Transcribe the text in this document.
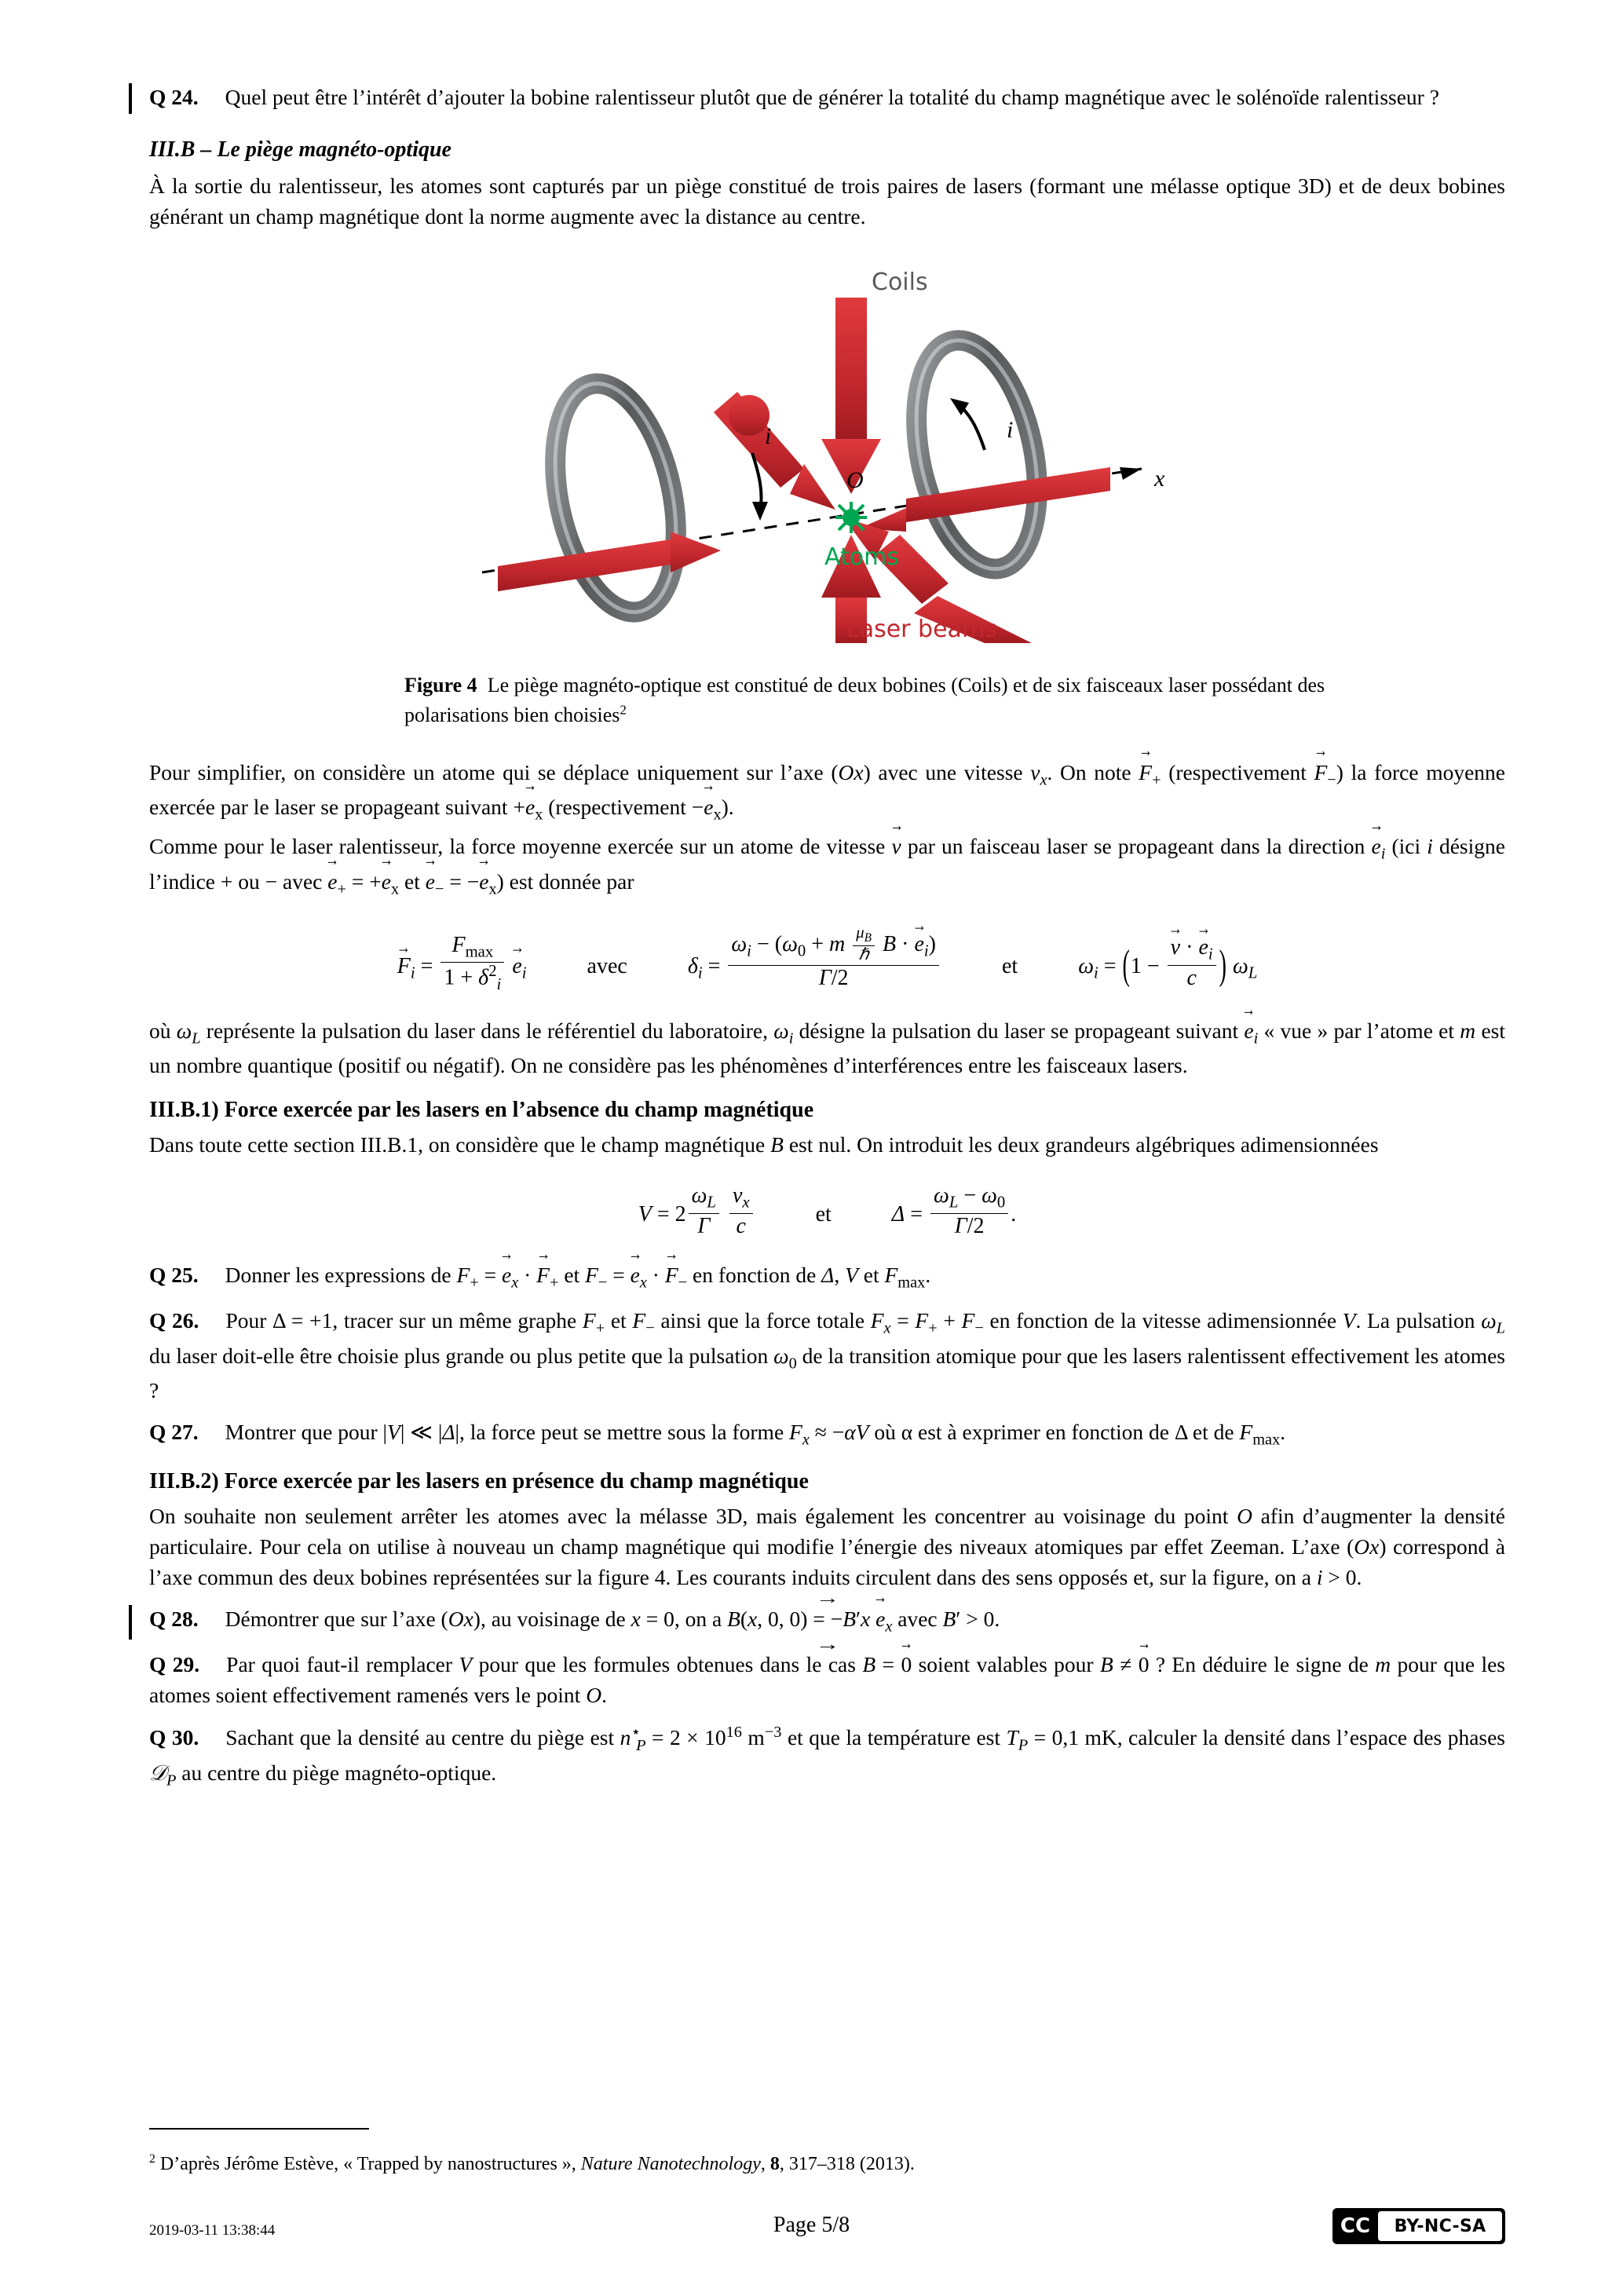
Q 24. Quel peut être l’intérêt d’ajouter la bobine ralentisseur plutôt que de générer la totalité du champ magnétique avec le solénoïde ralentisseur ?

III.B – Le piège magnéto-optique

À la sortie du ralentisseur, les atomes sont capturés par un piège constitué de trois paires de lasers (formant une mélasse optique 3D) et de deux bobines générant un champ magnétique dont la norme augmente avec la distance au centre.

Coils
Atoms
Laser beams
i	i
O	x
Figure 4 Le piège magnéto-optique est constitué de deux bobines (Coils) et de six faisceaux laser possédant des polarisations bien choisies$^2$

Pour simplifier, on considère un atome qui se déplace uniquement sur l’axe (Ox) avec une vitesse $v_x$. On note $F \to_+$ (respectivement $F \to_-$) la force moyenne exercée par le laser se propageant suivant $+e \to_x$ (respectivement $-e \to_x$).

Comme pour le laser ralentisseur, la force moyenne exercée sur un atome de vitesse v → par un faisceau laser se propageant dans la direction $e \to_i$ (ici i désigne l’indice + ou − avec $e \to_+ = +e \to_x$ et $e \to_- = -e \to_x$) est donnée par

$F \to_i = \frac{F_{max}}{1 + \delta^2_i}$ $e \to_i$	avec	$\delta_i = \frac{\omega_i - (\omega_0 + m \frac{\mu_B}{\text{ℏ}} B \to \cdot e \to_i)}{\Gamma/2}$	et	$\omega_i = (1 - \frac{v \to \cdot e \to_i}{c}$ ) $\omega_L$

où $\omega_L$ représente la pulsation du laser dans le référentiel du laboratoire, $\omega_i$ désigne la pulsation du laser se propageant suivant $e \to_i$ « vue » par l’atome et m est un nombre quantique (positif ou négatif). On ne considère pas les phénomènes d’interférences entre les faisceaux lasers.

III.B.1) Force exercée par les lasers en l’absence du champ magnétique

Dans toute cette section III.B.1, on considère que le champ magnétique B → est nul. On introduit les deux grandeurs algébriques adimensionnées

$V = 2 \frac{\omega_L}{\Gamma}$
$\frac{v_x}{c}$	et	$\Delta = \frac{\omega_L - \omega_0}{\Gamma/2}$ .

Q 25. Donner les expressions de $F_+ = e \to_x \cdot F \to_+$ et $F_- = e \to_x \cdot F \to_-$ en fonction de Δ, V et $F_{max}$.

Q 26. Pour Δ = +1, tracer sur un même graphe $F_+$ et $F_-$ ainsi que la force totale $F_x = F_+ + F_-$ en fonction de la vitesse adimensionnée V. La pulsation $\omega_L$ du laser doit-elle être choisie plus grande ou plus petite que la pulsation $\omega_0$ de la transition atomique pour que les lasers ralentissent effectivement les atomes ?

Q 27. Montrer que pour |V| ≪ |Δ|, la force peut se mettre sous la forme $F_x \approx -\alpha V$ où α est à exprimer en fonction de Δ et de $F_{max}$.

III.B.2) Force exercée par les lasers en présence du champ magnétique

On souhaite non seulement arrêter les atomes avec la mélasse 3D, mais également les concentrer au voisinage du point O afin d’augmenter la densité particulaire. Pour cela on utilise à nouveau un champ magnétique qui modifie l’énergie des niveaux atomiques par effet Zeeman. L’axe (Ox) correspond à l’axe commun des deux bobines représentées sur la figure 4. Les courants induits circulent dans des sens opposés et, sur la figure, on a i > 0.

Q 28. Démontrer que sur l’axe (Ox), au voisinage de x = 0, on a B →(x, 0, 0) = −B′x $e \to_x$ avec B′ > 0.

Q 29. Par quoi faut-il remplacer V pour que les formules obtenues dans le cas B → = 0 → soient valables pour B → ≠ 0 → ? En déduire le signe de m pour que les atomes soient effectivement ramenés vers le point O.

Q 30. Sachant que la densité au centre du piège est $n^⋆_P = 2 \times 10^{16}$ $m^{-3}$ et que la température est $T_P = 0,1$ mK, calculer la densité dans l’espace des phases 𝒟$_P$ au centre du piège magnéto-optique.

$^2$ D’après Jérôme Estève, « Trapped by nanostructures », Nature Nanotechnology, 8, 317–318 (2013).
2019-03-11 13:38:44	Page 5/8	CC	BY-NC-SA
